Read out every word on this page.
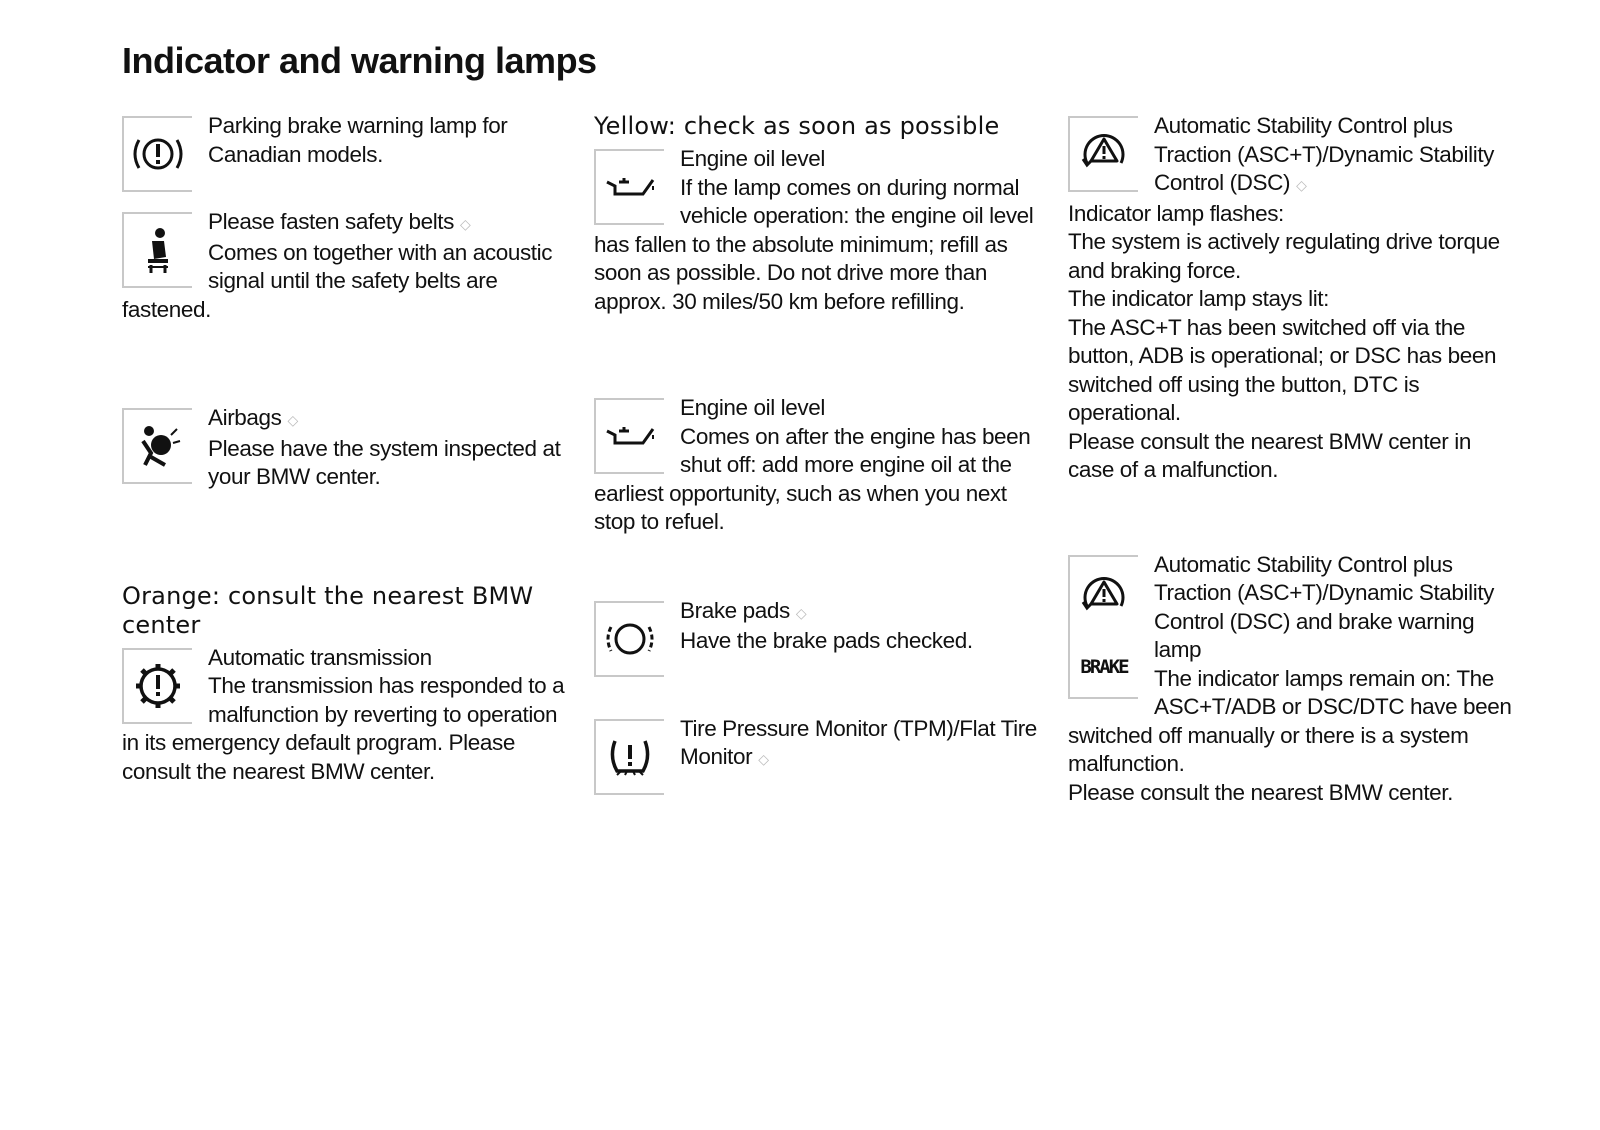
Indicator and warning lamps
Parking brake warning lamp for Canadian models.
Please fasten safety belts ◇
Comes on together with an acoustic signal until the safety belts are fastened.
Airbags ◇
Please have the system inspected at your BMW center.
Orange: consult the nearest BMW center
Automatic transmission
The transmission has responded to a malfunction by reverting to operation in its emergency default program. Please consult the nearest BMW center.
Yellow: check as soon as possible
Engine oil level
If the lamp comes on during normal vehicle operation: the engine oil level has fallen to the absolute minimum; refill as soon as possible. Do not drive more than approx. 30 miles/50 km before refilling.
Engine oil level
Comes on after the engine has been shut off: add more engine oil at the earliest opportunity, such as when you next stop to refuel.
Brake pads ◇
Have the brake pads checked.
Tire Pressure Monitor (TPM)/Flat Tire Monitor ◇
Automatic Stability Control plus Traction (ASC+T)/Dynamic Stability Control (DSC) ◇
Indicator lamp flashes:
The system is actively regulating drive torque and braking force.
The indicator lamp stays lit:
The ASC+T has been switched off via the button, ADB is operational; or DSC has been switched off using the button, DTC is operational.
Please consult the nearest BMW center in case of a malfunction.
BRAKE
Automatic Stability Control plus Traction (ASC+T)/Dynamic Stability Control (DSC) and brake warning lamp
The indicator lamps remain on: The ASC+T/ADB or DSC/DTC have been switched off manually or there is a system malfunction.
Please consult the nearest BMW center.
